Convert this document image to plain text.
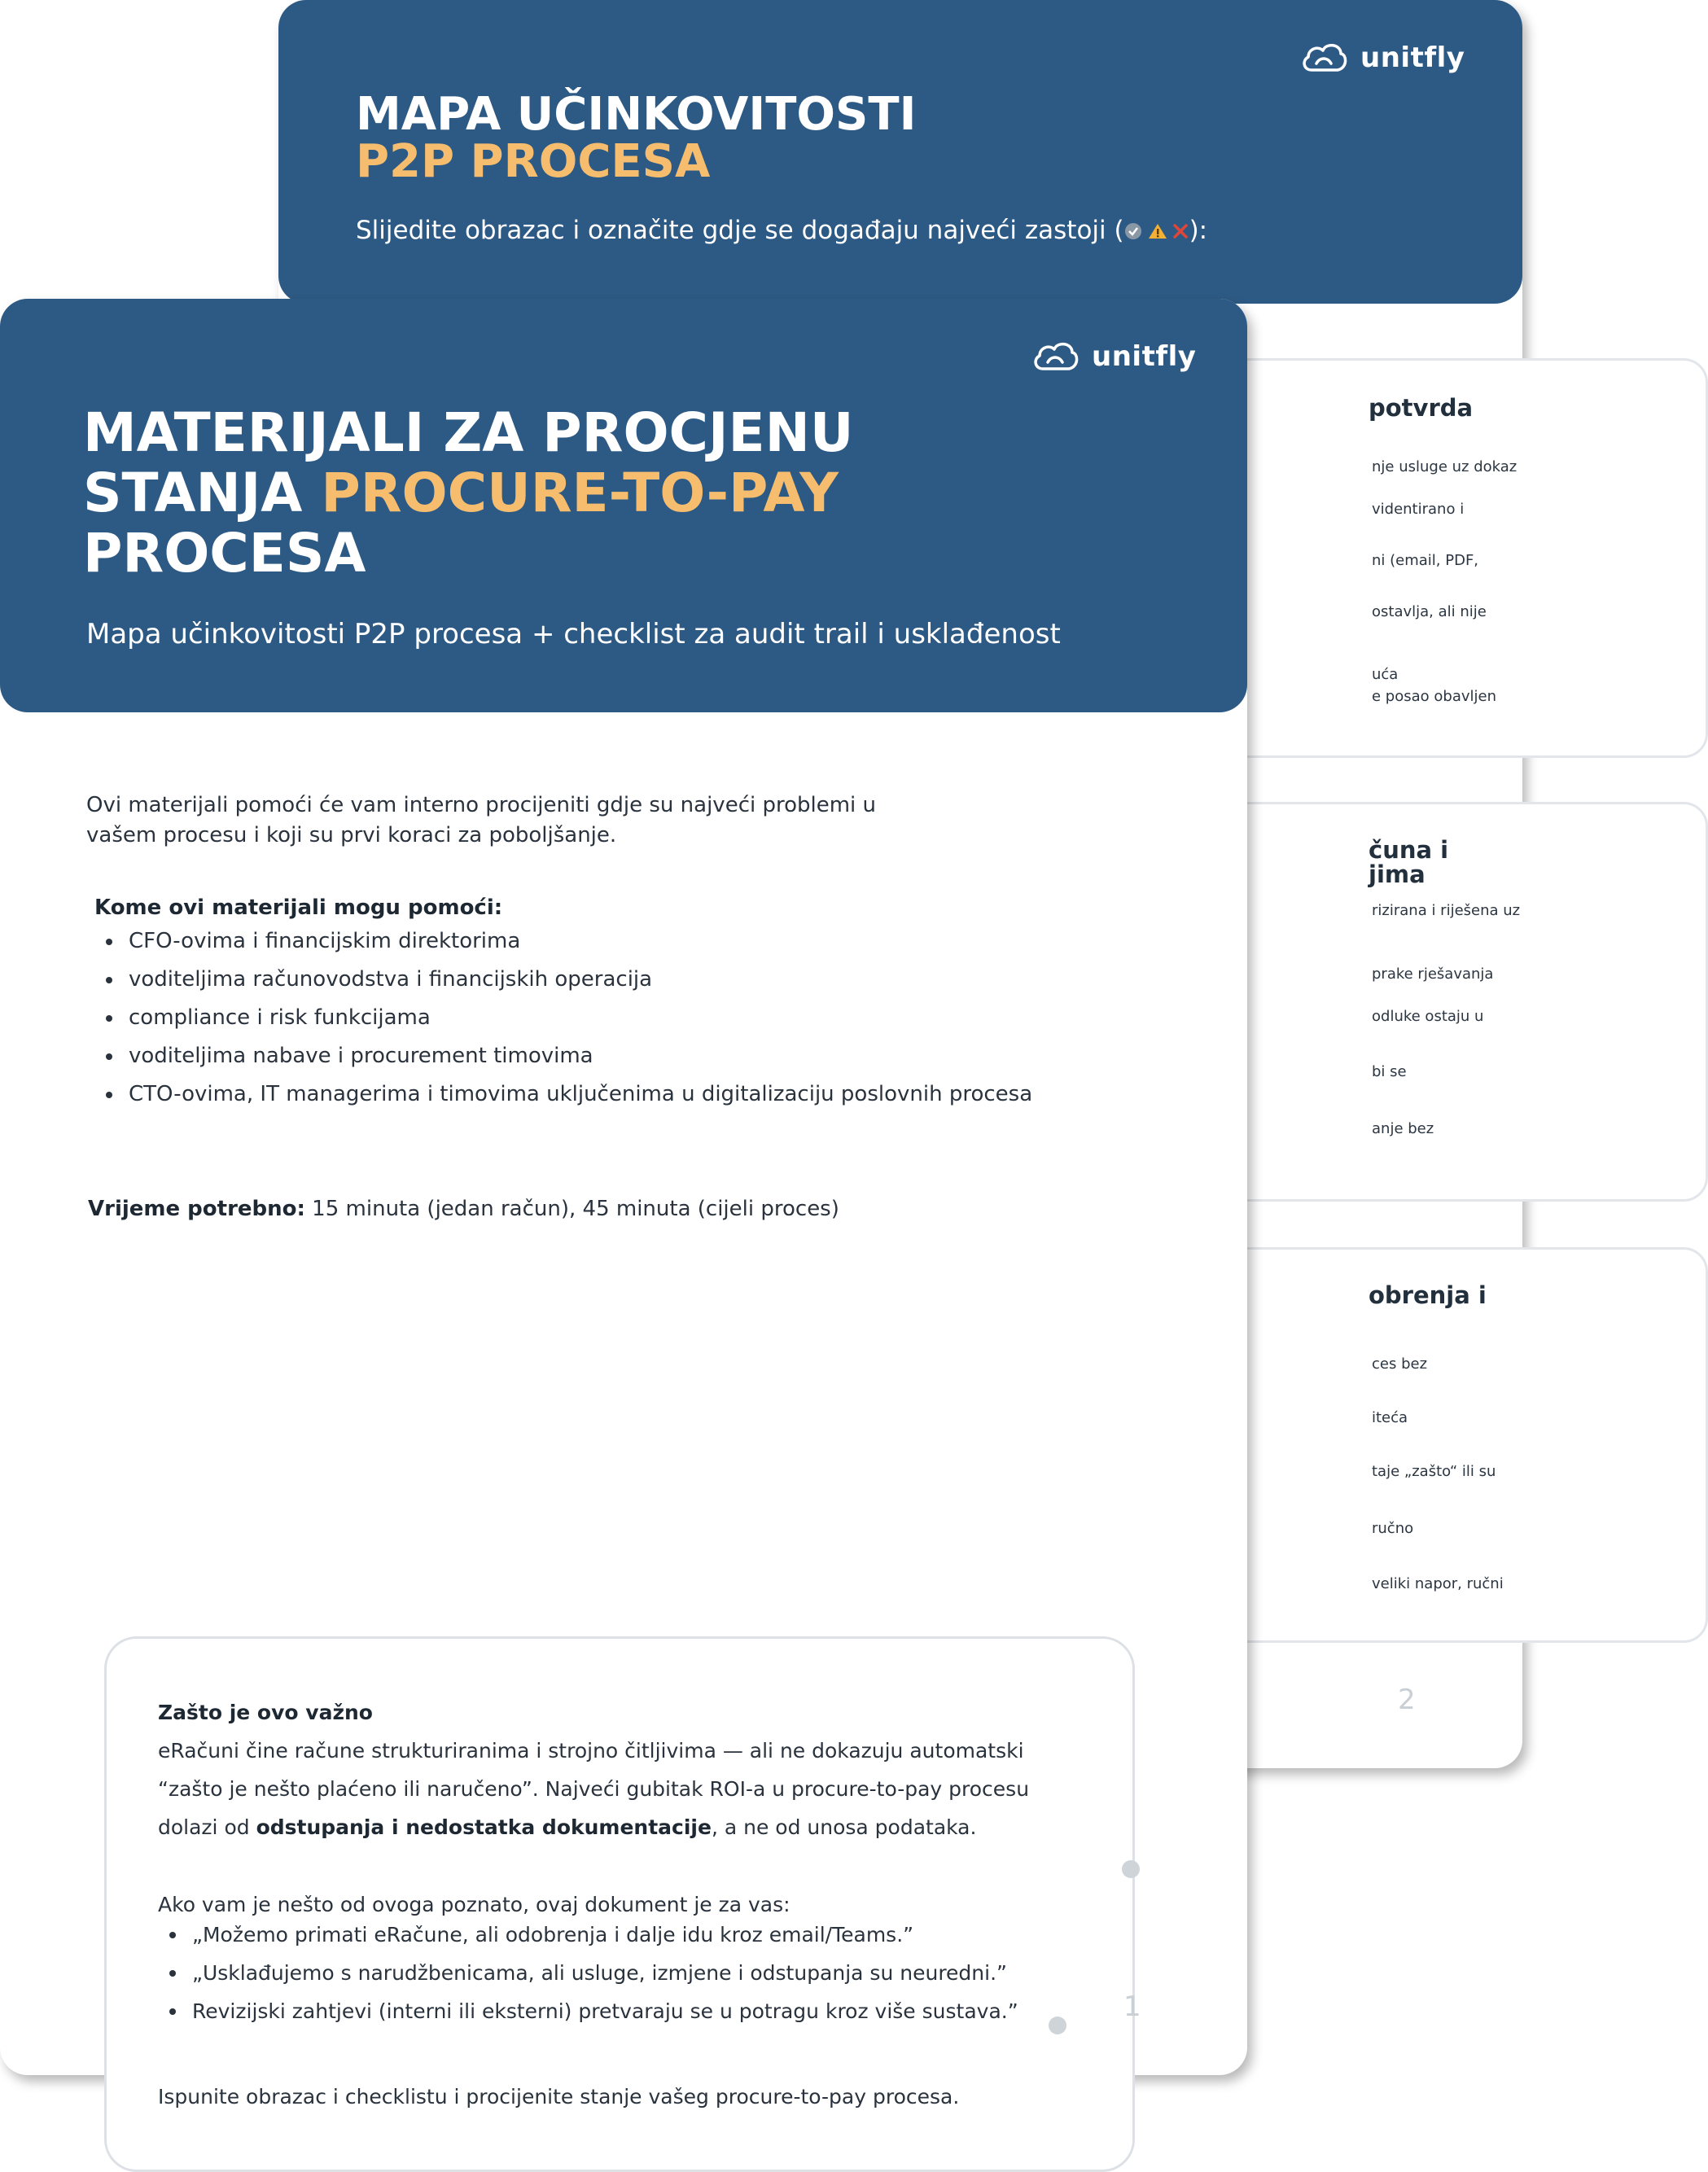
unitfly
MAPA UČINKOVITOSTI
P2P PROCESA

Slijedite obrazac i označite gdje se događaju najveći zastoji (	):

potvrda
nje usluge uz dokaz
videntirano i
ni (email, PDF,
ostavlja, ali nije
uća
e posao obavljen
čuna i
jima
rizirana i riješena uz
prake rješavanja
odluke ostaju u
bi se
anje bez
obrenja i
ces bez
iteća
taje „zašto“ ili su
ručno
veliki napor, ručni
2
unitfly
MATERIJALI ZA PROCJENU
STANJA PROCURE-TO-PAY
PROCESA

Mapa učinkovitosti P2P procesa + checklist za audit trail i usklađenost

Ovi materijali pomoći će vam interno procijeniti gdje su najveći problemi u
vašem procesu i koji su prvi koraci za poboljšanje.

Kome ovi materijali mogu pomoći:

CFO-ovima i financijskim direktorima
voditeljima računovodstva i financijskih operacija
compliance i risk funkcijama
voditeljima nabave i procurement timovima
CTO-ovima, IT managerima i timovima uključenima u digitalizaciju poslovnih procesa

Vrijeme potrebno: 15 minuta (jedan račun), 45 minuta (cijeli proces)

Zašto je ovo važno

eRačuni čine račune strukturiranima i strojno čitljivima — ali ne dokazuju automatski
“zašto je nešto plaćeno ili naručeno”. Najveći gubitak ROI-a u procure-to-pay procesu
dolazi od odstupanja i nedostatka dokumentacije, a ne od unosa podataka.

Ako vam je nešto od ovoga poznato, ovaj dokument je za vas:

„Možemo primati eRačune, ali odobrenja i dalje idu kroz email/Teams.”
„Usklađujemo s narudžbenicama, ali usluge, izmjene i odstupanja su neuredni.”
Revizijski zahtjevi (interni ili eksterni) pretvaraju se u potragu kroz više sustava.”

Ispunite obrazac i checklistu i procijenite stanje vašeg procure-to-pay procesa.

1
